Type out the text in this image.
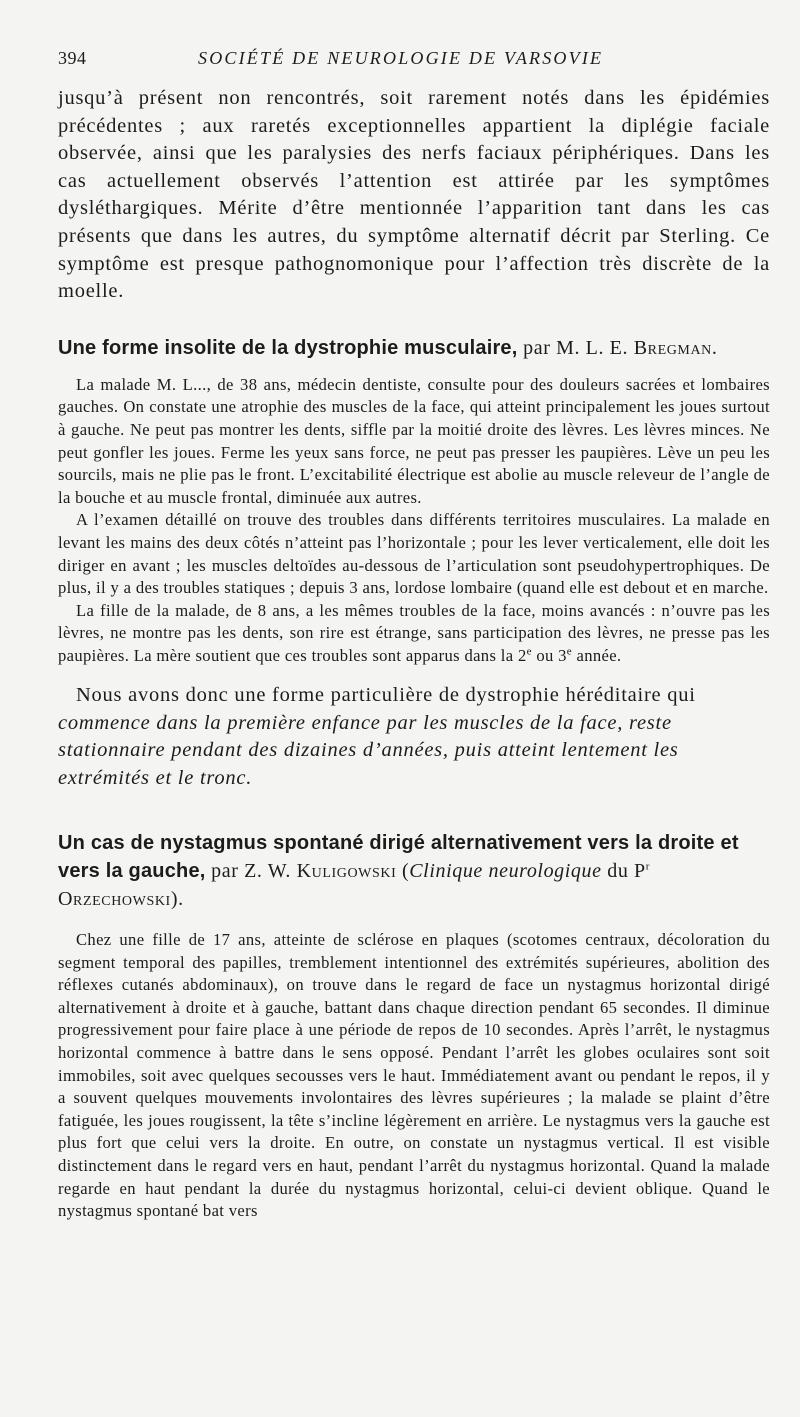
394	SOCIÉTÉ DE NEUROLOGIE DE VARSOVIE

jusqu’à présent non rencontrés, soit rarement notés dans les épidémies précédentes ; aux raretés exceptionnelles appartient la diplégie faciale observée, ainsi que les paralysies des nerfs faciaux périphériques. Dans les cas actuellement observés l’attention est attirée par les symptômes dysléthargiques. Mérite d’être mentionnée l’apparition tant dans les cas présents que dans les autres, du symptôme alternatif décrit par Sterling. Ce symptôme est presque pathognomonique pour l’affection très discrète de la moelle.

Une forme insolite de la dystrophie musculaire, par M. L. E. Bregman.

La malade M. L..., de 38 ans, médecin dentiste, consulte pour des douleurs sacrées et lombaires gauches. On constate une atrophie des muscles de la face, qui atteint principalement les joues surtout à gauche. Ne peut pas montrer les dents, siffle par la moitié droite des lèvres. Les lèvres minces. Ne peut gonfler les joues. Ferme les yeux sans force, ne peut pas presser les paupières. Lève un peu les sourcils, mais ne plie pas le front. L’excitabilité électrique est abolie au muscle releveur de l’angle de la bouche et au muscle frontal, diminuée aux autres.

A l’examen détaillé on trouve des troubles dans différents territoires musculaires. La malade en levant les mains des deux côtés n’atteint pas l’horizontale ; pour les lever verticalement, elle doit les diriger en avant ; les muscles deltoïdes au-dessous de l’articulation sont pseudohypertrophiques. De plus, il y a des troubles statiques ; depuis 3 ans, lordose lombaire (quand elle est debout et en marche.

La fille de la malade, de 8 ans, a les mêmes troubles de la face, moins avancés : n’ouvre pas les lèvres, ne montre pas les dents, son rire est étrange, sans participation des lèvres, ne presse pas les paupières. La mère soutient que ces troubles sont apparus dans la 2e ou 3e année.

Nous avons donc une forme particulière de dystrophie héréditaire qui commence dans la première enfance par les muscles de la face, reste stationnaire pendant des dizaines d’années, puis atteint lentement les extrémités et le tronc.

Un cas de nystagmus spontané dirigé alternativement vers la droite et vers la gauche, par Z. W. Kuligowski (Clinique neurologique du $P^r$ Orzechowski).

Chez une fille de 17 ans, atteinte de sclérose en plaques (scotomes centraux, décoloration du segment temporal des papilles, tremblement intentionnel des extrémités supérieures, abolition des réflexes cutanés abdominaux), on trouve dans le regard de face un nystagmus horizontal dirigé alternativement à droite et à gauche, battant dans chaque direction pendant 65 secondes. Il diminue progressivement pour faire place à une période de repos de 10 secondes. Après l’arrêt, le nystagmus horizontal commence à battre dans le sens opposé. Pendant l’arrêt les globes oculaires sont soit immobiles, soit avec quelques secousses vers le haut. Immédiatement avant ou pendant le repos, il y a souvent quelques mouvements involontaires des lèvres supérieures ; la malade se plaint d’être fatiguée, les joues rougissent, la tête s’incline légèrement en arrière. Le nystagmus vers la gauche est plus fort que celui vers la droite. En outre, on constate un nystagmus vertical. Il est visible distinctement dans le regard vers en haut, pendant l’arrêt du nystagmus horizontal. Quand la malade regarde en haut pendant la durée du nystagmus horizontal, celui-ci devient oblique. Quand le nystagmus spontané bat vers
